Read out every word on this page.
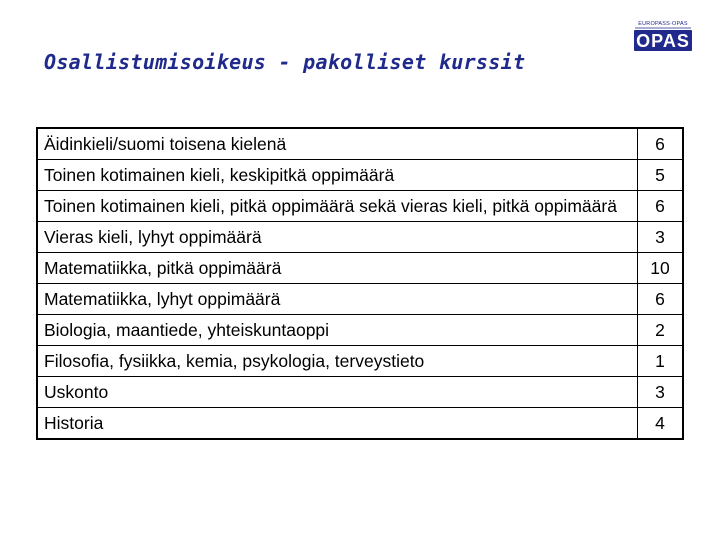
Osallistumisoikeus - pakolliset kurssit
EUROPASS·OPAS
OPAS
Äidinkieli/suomi toisena kielenä	6
Toinen kotimainen kieli, keskipitkä oppimäärä	5
Toinen kotimainen kieli, pitkä oppimäärä sekä vieras kieli, pitkä oppimäärä	6
Vieras kieli, lyhyt oppimäärä	3
Matematiikka, pitkä oppimäärä	10
Matematiikka, lyhyt oppimäärä	6
Biologia, maantiede, yhteiskuntaoppi	2
Filosofia, fysiikka, kemia, psykologia, terveystieto	1
Uskonto	3
Historia	4
